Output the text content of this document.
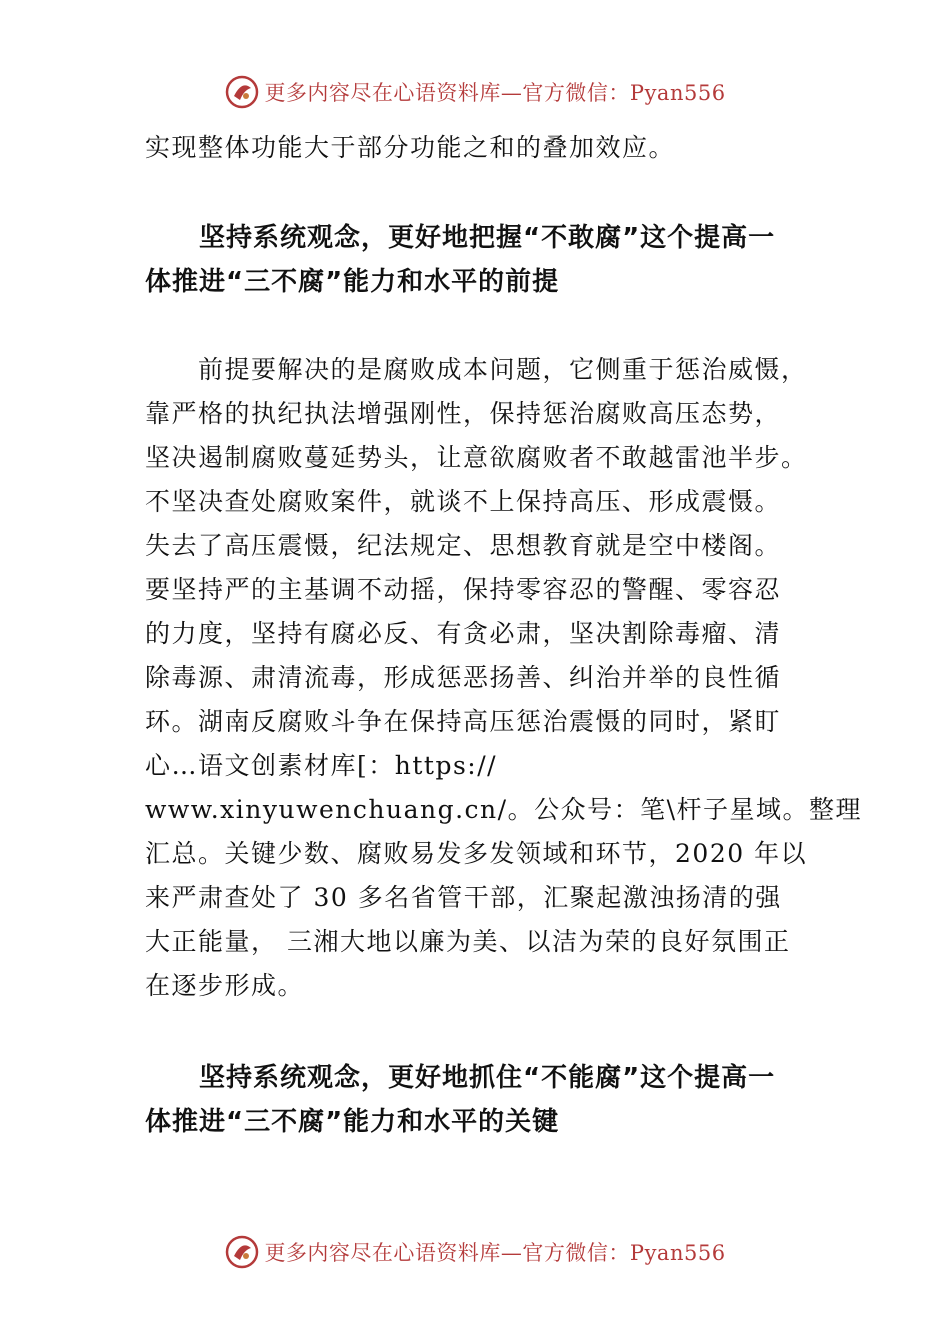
更多内容尽在心语资料库—官方微信：Pyan556
实现整体功能大于部分功能之和的叠加效应。
　　坚持系统观念，更好地把握“不敢腐”这个提高一
体推进“三不腐”能力和水平的前提
　　前提要解决的是腐败成本问题，它侧重于惩治威慑，
靠严格的执纪执法增强刚性，保持惩治腐败高压态势，
坚决遏制腐败蔓延势头，让意欲腐败者不敢越雷池半步。
不坚决查处腐败案件，就谈不上保持高压、形成震慑。
失去了高压震慑，纪法规定、思想教育就是空中楼阁。
要坚持严的主基调不动摇，保持零容忍的警醒、零容忍
的力度，坚持有腐必反、有贪必肃，坚决割除毒瘤、清
除毒源、肃清流毒，形成惩恶扬善、纠治并举的良性循
环。湖南反腐败斗争在保持高压惩治震慑的同时，紧盯
心…语文创素材库[：https://
www.xinyuwenchuang.cn/。公众号：笔\杆子星域。整理
汇总。关键少数、腐败易发多发领域和环节，2020 年以
来严肃查处了 30 多名省管干部，汇聚起激浊扬清的强
大正能量， 三湘大地以廉为美、以洁为荣的良好氛围正
在逐步形成。
　　坚持系统观念，更好地抓住“不能腐”这个提高一
体推进“三不腐”能力和水平的关键
更多内容尽在心语资料库—官方微信：Pyan556
